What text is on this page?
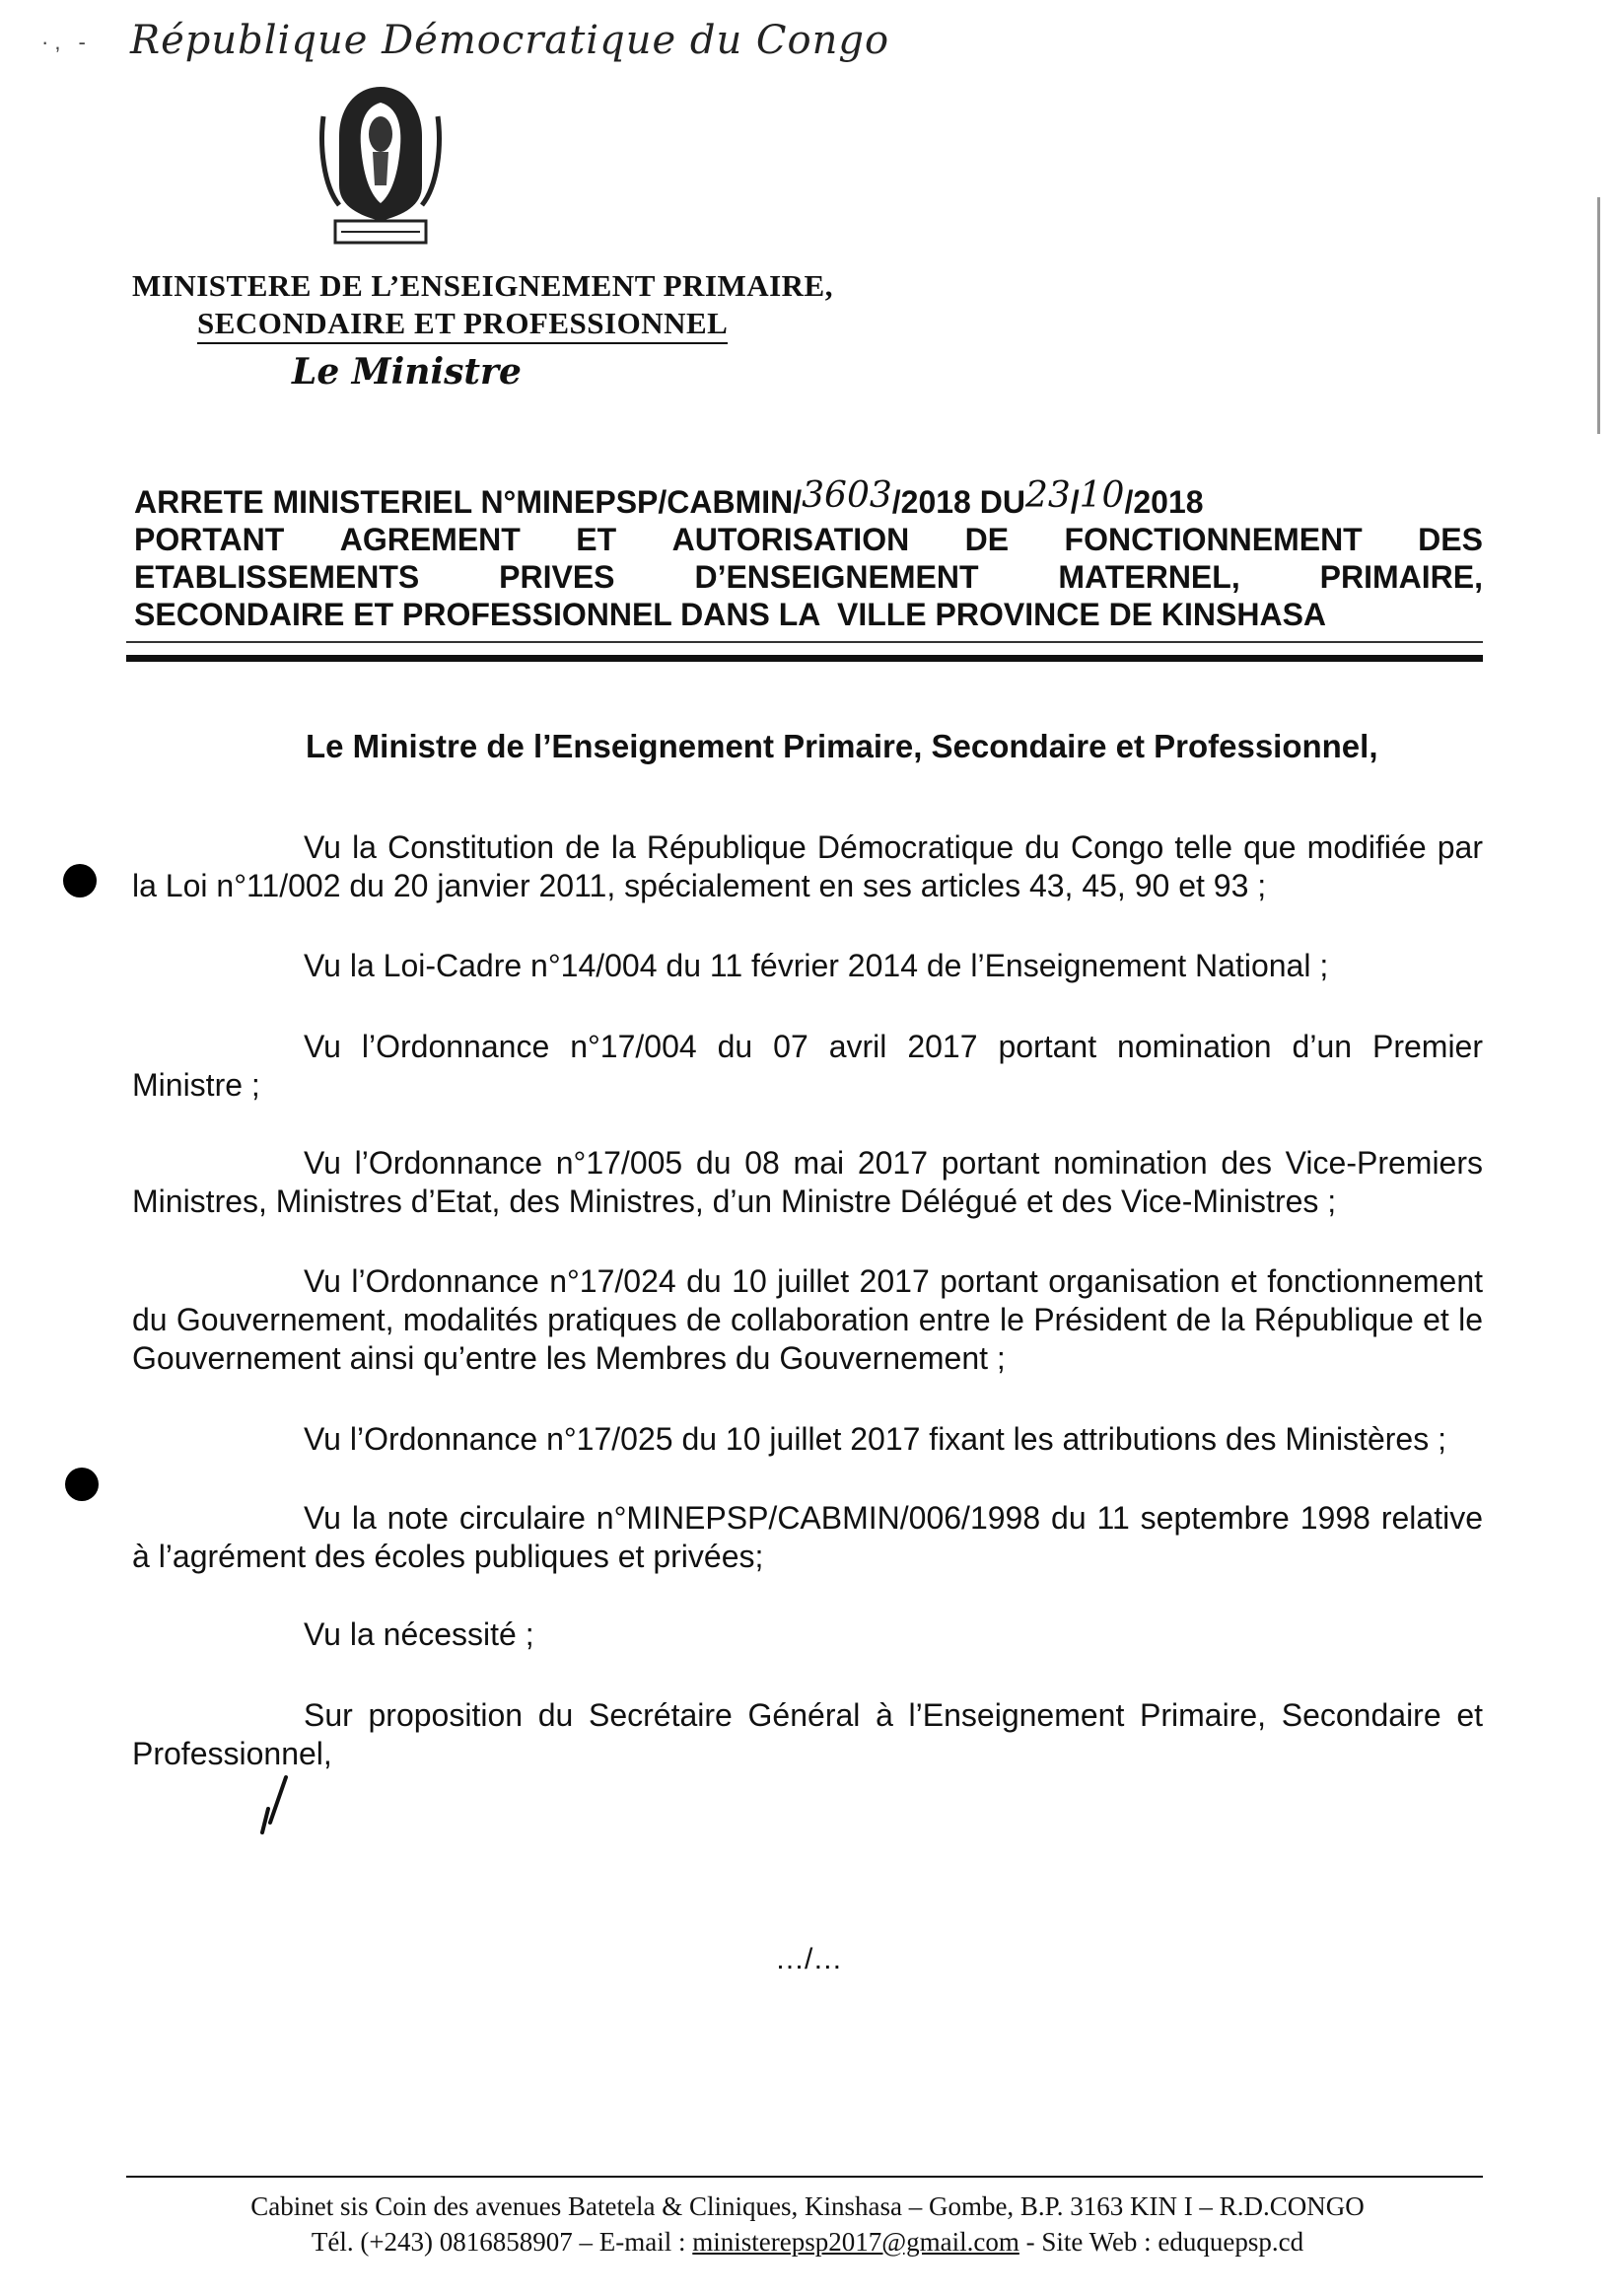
·, - République Démocratique du Congo
MINISTERE DE L’ENSEIGNEMENT PRIMAIRE,
SECONDAIRE ET PROFESSIONNEL
Le Ministre
ARRETE MINISTERIEL N°MINEPSP/CABMIN/3603/2018 DU23/10/2018
PORTANT AGREMENT ET AUTORISATION DE FONCTIONNEMENT DES
ETABLISSEMENTS	PRIVES	D’ENSEIGNEMENT	MATERNEL,	PRIMAIRE,
SECONDAIRE ET PROFESSIONNEL DANS LA  VILLE PROVINCE DE KINSHASA
Le Ministre de l’Enseignement Primaire, Secondaire et Professionnel,
Vu la Constitution de la République Démocratique du Congo telle que modifiée par la Loi n°11/002 du 20 janvier 2011, spécialement en ses articles 43, 45, 90 et 93 ;
Vu la Loi-Cadre n°14/004 du 11 février 2014 de l’Enseignement National ;
Vu l’Ordonnance n°17/004 du 07 avril 2017 portant nomination d’un Premier Ministre ;
Vu l’Ordonnance n°17/005 du 08 mai 2017 portant nomination des Vice-Premiers Ministres, Ministres d’Etat, des Ministres, d’un Ministre Délégué et des Vice-Ministres ;
Vu l’Ordonnance n°17/024 du 10 juillet 2017 portant organisation et fonctionnement du Gouvernement, modalités pratiques de collaboration entre le Président de la République et le Gouvernement ainsi qu’entre les Membres du Gouvernement ;
Vu l’Ordonnance n°17/025 du 10 juillet 2017 fixant les attributions des Ministères ;
Vu la note circulaire n°MINEPSP/CABMIN/006/1998 du 11 septembre 1998 relative à l’agrément des écoles publiques et privées;
Vu la nécessité ;
Sur proposition du Secrétaire Général à l’Enseignement Primaire, Secondaire et Professionnel,
…/…
Cabinet sis Coin des avenues Batetela & Cliniques, Kinshasa – Gombe, B.P. 3163 KIN I – R.D.CONGO
Tél. (+243) 0816858907 – E-mail : ministerepsp2017@gmail.com - Site Web : eduquepsp.cd
